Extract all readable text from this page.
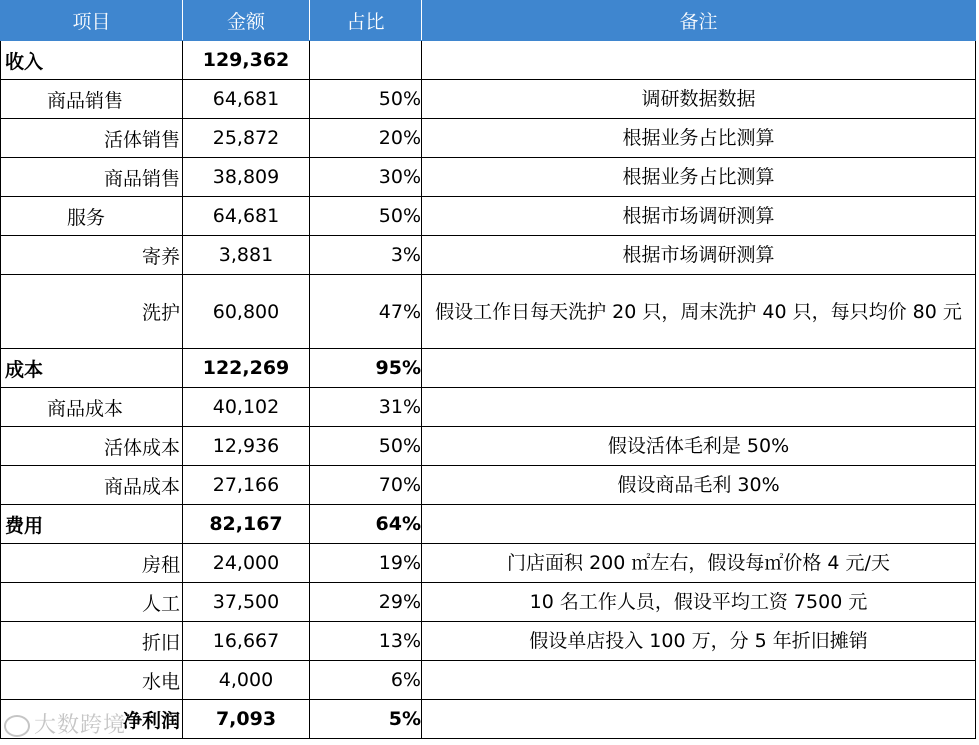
项目	金额	占比	备注
收入	129,362		
商品销售	64,681	50%	调研数据数据
活体销售	25,872	20%	根据业务占比测算
商品销售	38,809	30%	根据业务占比测算
服务	64,681	50%	根据市场调研测算
寄养	3,881	3%	根据市场调研测算
洗护	60,800	47%	假设工作日每天洗护 20 只，周末洗护 40 只，每只均价 80 元
成本	122,269	95%	
商品成本	40,102	31%	
活体成本	12,936	50%	假设活体毛利是 50%
商品成本	27,166	70%	假设商品毛利 30%
费用	82,167	64%	
房租	24,000	19%	门店面积 200 ㎡左右，假设每㎡价格 4 元/天
人工	37,500	29%	10 名工作人员，假设平均工资 7500 元
折旧	16,667	13%	假设单店投入 100 万，分 5 年折旧摊销
水电	4,000	6%	
净利润	7,093	5%	
大数跨境
